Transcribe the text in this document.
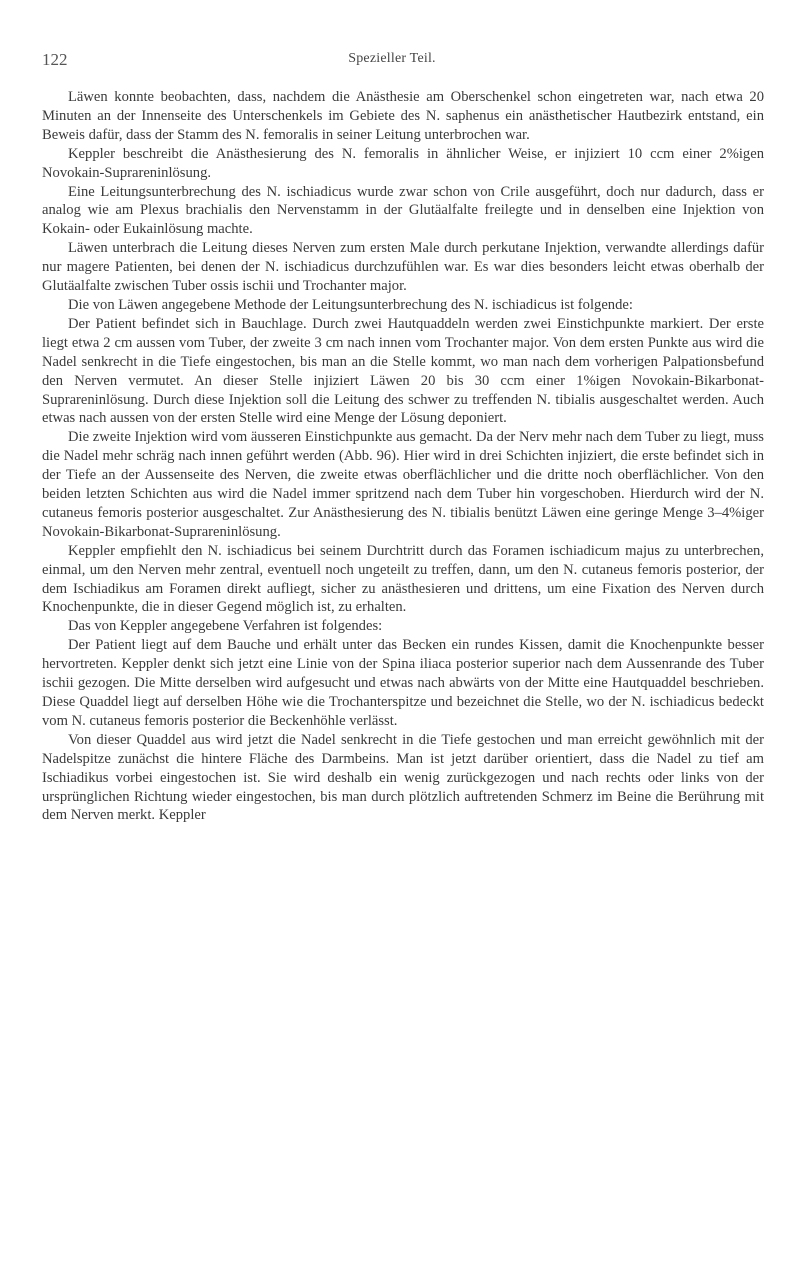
122	Spezieller Teil.

Läwen konnte beobachten, dass, nachdem die Anästhesie am Oberschenkel schon eingetreten war, nach etwa 20 Minuten an der Innenseite des Unterschenkels im Gebiete des N. saphenus ein anästhetischer Hautbezirk entstand, ein Beweis dafür, dass der Stamm des N. femoralis in seiner Leitung unterbrochen war.

Keppler beschreibt die Anästhesierung des N. femoralis in ähnlicher Weise, er injiziert 10 ccm einer 2%igen Novokain-Suprareninlösung.

Eine Leitungsunterbrechung des N. ischiadicus wurde zwar schon von Crile ausgeführt, doch nur dadurch, dass er analog wie am Plexus brachialis den Nervenstamm in der Glutäalfalte freilegte und in denselben eine Injektion von Kokain- oder Eukainlösung machte.

Läwen unterbrach die Leitung dieses Nerven zum ersten Male durch perkutane Injektion, verwandte allerdings dafür nur magere Patienten, bei denen der N. ischiadicus durchzufühlen war. Es war dies besonders leicht etwas oberhalb der Glutäalfalte zwischen Tuber ossis ischii und Trochanter major.

Die von Läwen angegebene Methode der Leitungsunterbrechung des N. ischiadicus ist folgende:

Der Patient befindet sich in Bauchlage. Durch zwei Hautquaddeln werden zwei Einstichpunkte markiert. Der erste liegt etwa 2 cm aussen vom Tuber, der zweite 3 cm nach innen vom Trochanter major. Von dem ersten Punkte aus wird die Nadel senkrecht in die Tiefe eingestochen, bis man an die Stelle kommt, wo man nach dem vorherigen Palpationsbefund den Nerven vermutet. An dieser Stelle injiziert Läwen 20 bis 30 ccm einer 1%igen Novokain-Bikarbonat-Suprareninlösung. Durch diese Injektion soll die Leitung des schwer zu treffenden N. tibialis ausgeschaltet werden. Auch etwas nach aussen von der ersten Stelle wird eine Menge der Lösung deponiert.

Die zweite Injektion wird vom äusseren Einstichpunkte aus gemacht. Da der Nerv mehr nach dem Tuber zu liegt, muss die Nadel mehr schräg nach innen geführt werden (Abb. 96). Hier wird in drei Schichten injiziert, die erste befindet sich in der Tiefe an der Aussenseite des Nerven, die zweite etwas oberflächlicher und die dritte noch oberflächlicher. Von den beiden letzten Schichten aus wird die Nadel immer spritzend nach dem Tuber hin vorgeschoben. Hierdurch wird der N. cutaneus femoris posterior ausgeschaltet. Zur Anästhesierung des N. tibialis benützt Läwen eine geringe Menge 3–4%iger Novokain-Bikarbonat-Suprareninlösung.

Keppler empfiehlt den N. ischiadicus bei seinem Durchtritt durch das Foramen ischiadicum majus zu unterbrechen, einmal, um den Nerven mehr zentral, eventuell noch ungeteilt zu treffen, dann, um den N. cutaneus femoris posterior, der dem Ischiadikus am Foramen direkt aufliegt, sicher zu anästhesieren und drittens, um eine Fixation des Nerven durch Knochenpunkte, die in dieser Gegend möglich ist, zu erhalten.

Das von Keppler angegebene Verfahren ist folgendes:

Der Patient liegt auf dem Bauche und erhält unter das Becken ein rundes Kissen, damit die Knochenpunkte besser hervortreten. Keppler denkt sich jetzt eine Linie von der Spina iliaca posterior superior nach dem Aussenrande des Tuber ischii gezogen. Die Mitte derselben wird aufgesucht und etwas nach abwärts von der Mitte eine Hautquaddel beschrieben. Diese Quaddel liegt auf derselben Höhe wie die Trochanterspitze und bezeichnet die Stelle, wo der N. ischiadicus bedeckt vom N. cutaneus femoris posterior die Beckenhöhle verlässt.

Von dieser Quaddel aus wird jetzt die Nadel senkrecht in die Tiefe gestochen und man erreicht gewöhnlich mit der Nadelspitze zunächst die hintere Fläche des Darmbeins. Man ist jetzt darüber orientiert, dass die Nadel zu tief am Ischiadikus vorbei eingestochen ist. Sie wird deshalb ein wenig zurückgezogen und nach rechts oder links von der ursprünglichen Richtung wieder eingestochen, bis man durch plötzlich auftretenden Schmerz im Beine die Berührung mit dem Nerven merkt. Keppler
